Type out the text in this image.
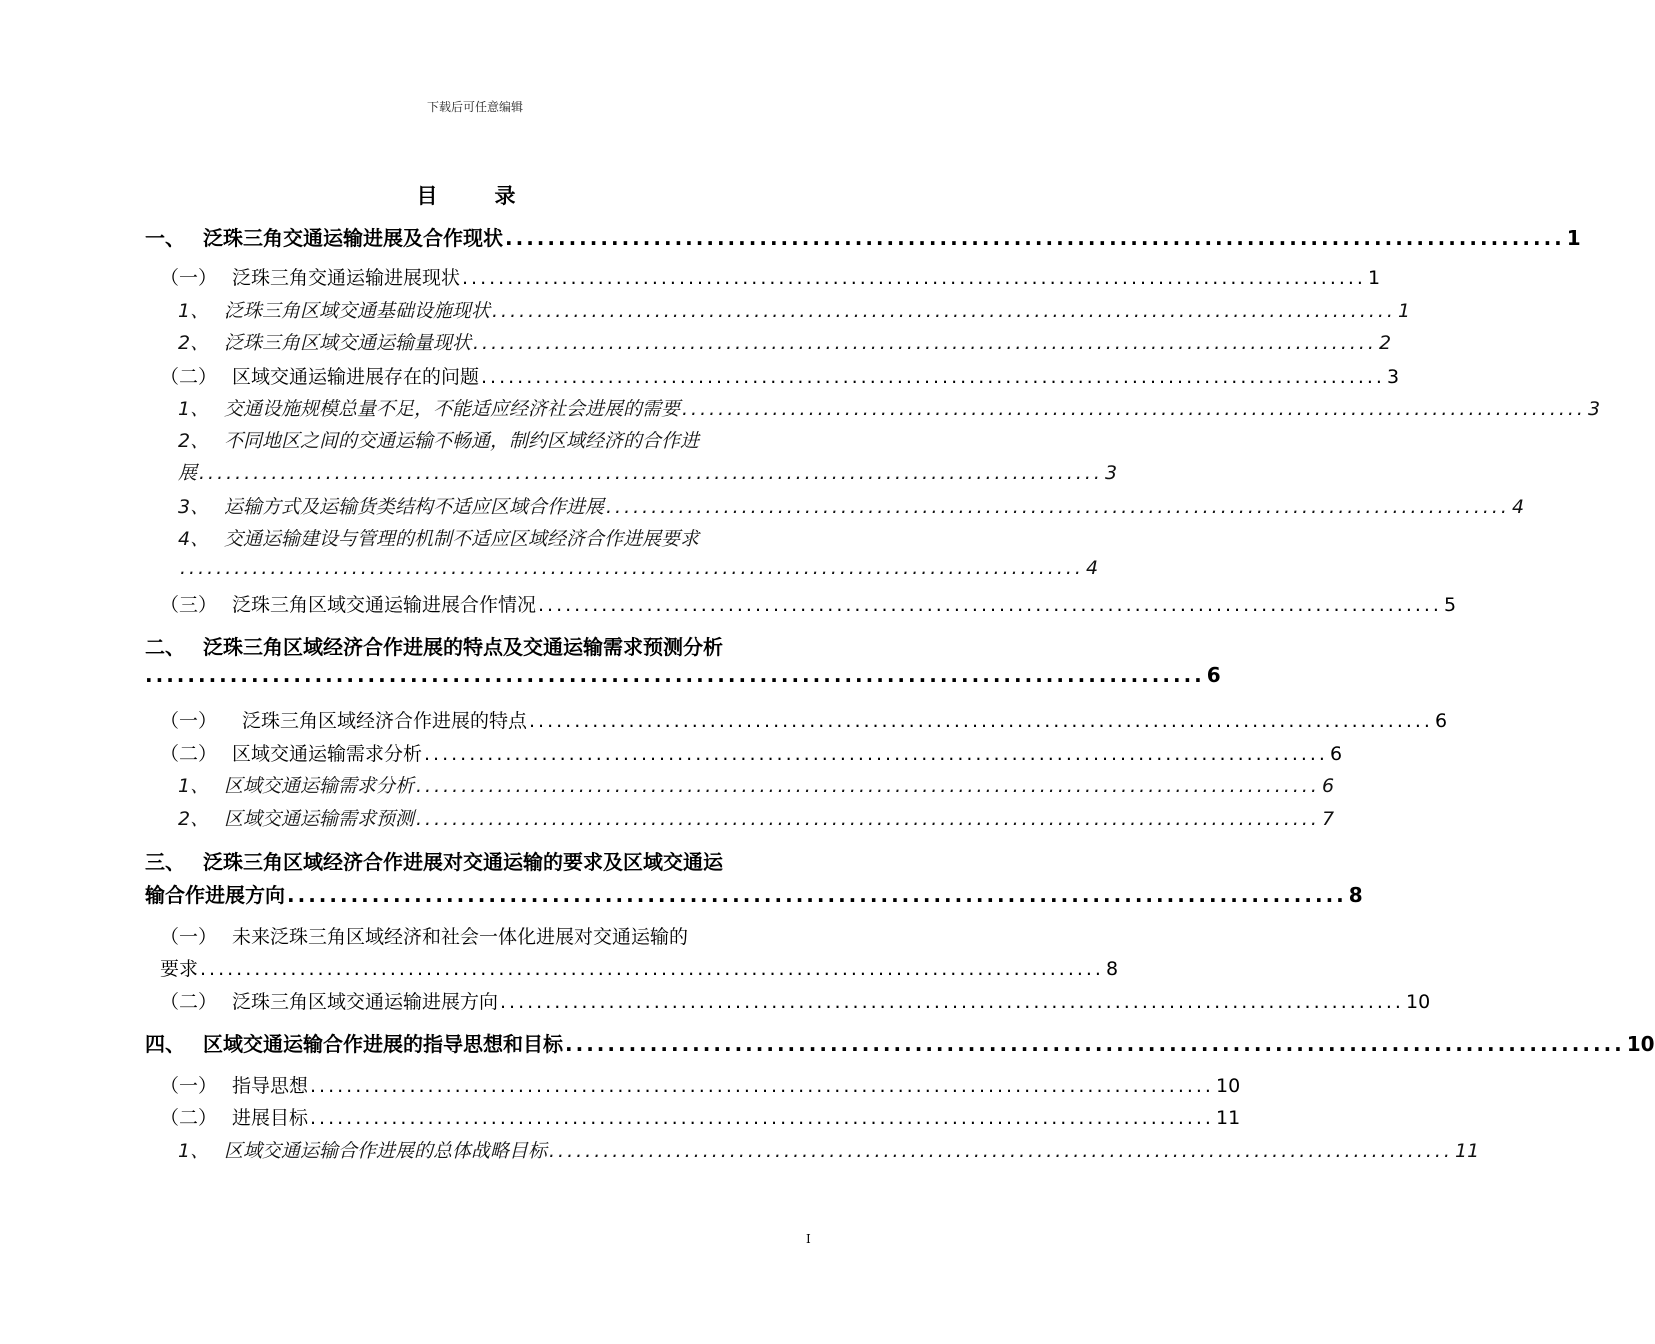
下载后可任意编辑
目　录
一、 泛珠三角交通运输进展及合作现状 .................................................................................................... 1
（一） 泛珠三角交通运输进展现状 .................................................................................................... 1
1、 泛珠三角区域交通基础设施现状 .................................................................................................... 1
2、 泛珠三角区域交通运输量现状 .................................................................................................... 2
（二） 区域交通运输进展存在的问题 .................................................................................................... 3
1、 交通设施规模总量不足，不能适应经济社会进展的需要 .................................................................................................... 3
2、 不同地区之间的交通运输不畅通，制约区域经济的合作进
展 .................................................................................................... 3
3、 运输方式及运输货类结构不适应区域合作进展 .................................................................................................... 4
4、 交通运输建设与管理的机制不适应区域经济合作进展要求
.................................................................................................... 4
（三） 泛珠三角区域交通运输进展合作情况 .................................................................................................... 5
二、 泛珠三角区域经济合作进展的特点及交通运输需求预测分析
.................................................................................................... 6
（一）	泛珠三角区域经济合作进展的特点 .................................................................................................... 6
（二） 区域交通运输需求分析 .................................................................................................... 6
1、 区域交通运输需求分析 .................................................................................................... 6
2、 区域交通运输需求预测 .................................................................................................... 7
三、 泛珠三角区域经济合作进展对交通运输的要求及区域交通运
输合作进展方向 .................................................................................................... 8
（一） 未来泛珠三角区域经济和社会一体化进展对交通运输的
要求 .................................................................................................... 8
（二） 泛珠三角区域交通运输进展方向 .................................................................................................... 10
四、 区域交通运输合作进展的指导思想和目标 .................................................................................................... 10
（一） 指导思想 .................................................................................................... 10
（二） 进展目标 .................................................................................................... 11
1、 区域交通运输合作进展的总体战略目标 .................................................................................................... 11
I
